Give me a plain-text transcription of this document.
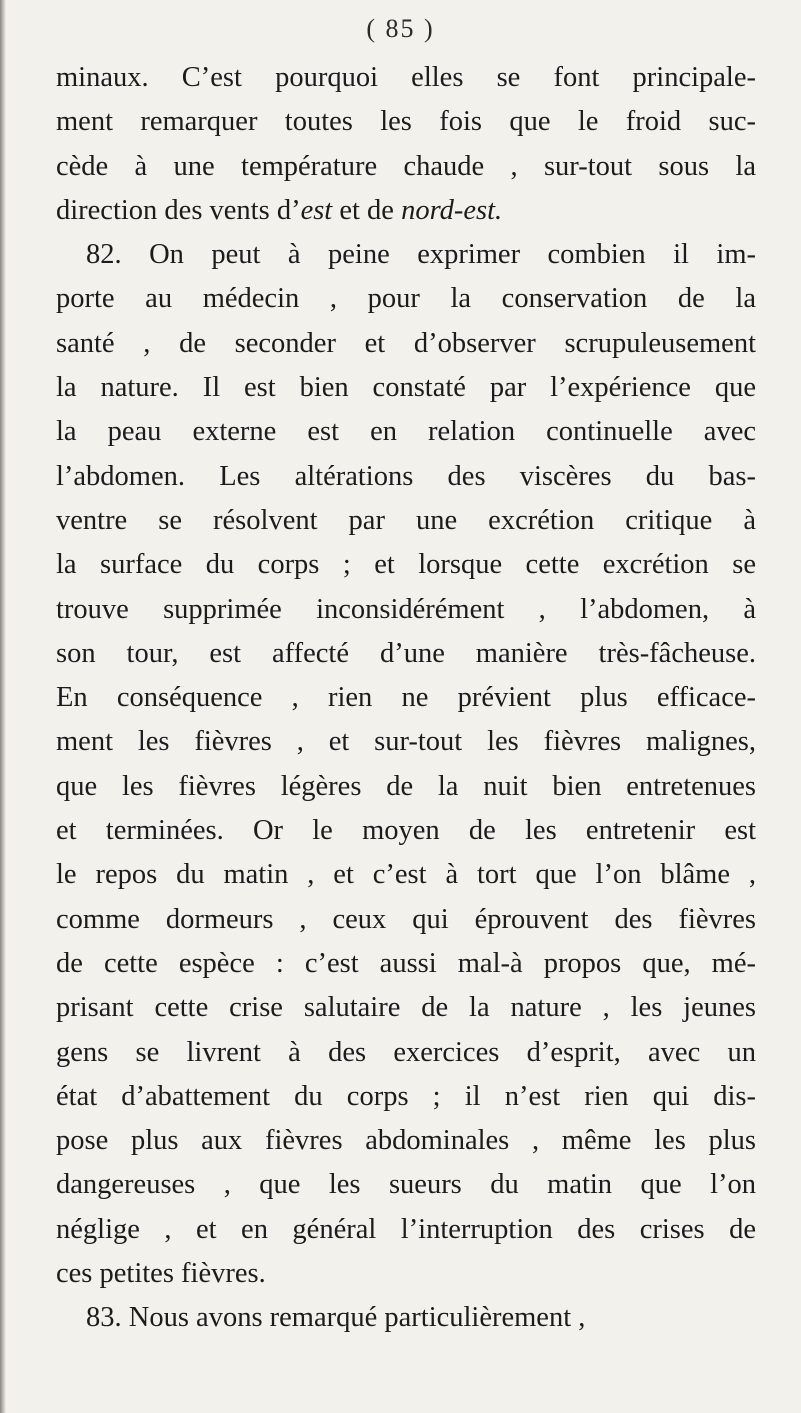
( 85 )
minaux. C’est pourquoi elles se font principale-
ment remarquer toutes les fois que le froid suc-
cède à une température chaude , sur-tout sous la
direction des vents d’est et de nord-est.
82. On peut à peine exprimer combien il im-
porte au médecin , pour la conservation de la
santé , de seconder et d’observer scrupuleusement
la nature. Il est bien constaté par l’expérience que
la peau externe est en relation continuelle avec
l’abdomen. Les altérations des viscères du bas-
ventre se résolvent par une excrétion critique à
la surface du corps ; et lorsque cette excrétion se
trouve supprimée inconsidérément , l’abdomen, à
son tour, est affecté d’une manière très-fâcheuse.
En conséquence , rien ne prévient plus efficace-
ment les fièvres , et sur-tout les fièvres malignes,
que les fièvres légères de la nuit bien entretenues
et terminées. Or le moyen de les entretenir est
le repos du matin , et c’est à tort que l’on blâme ,
comme dormeurs , ceux qui éprouvent des fièvres
de cette espèce : c’est aussi mal-à propos que, mé-
prisant cette crise salutaire de la nature , les jeunes
gens se livrent à des exercices d’esprit, avec un
état d’abattement du corps ; il n’est rien qui dis-
pose plus aux fièvres abdominales , même les plus
dangereuses , que les sueurs du matin que l’on
néglige , et en général l’interruption des crises de
ces petites fièvres.
83. Nous avons remarqué particulièrement ,
